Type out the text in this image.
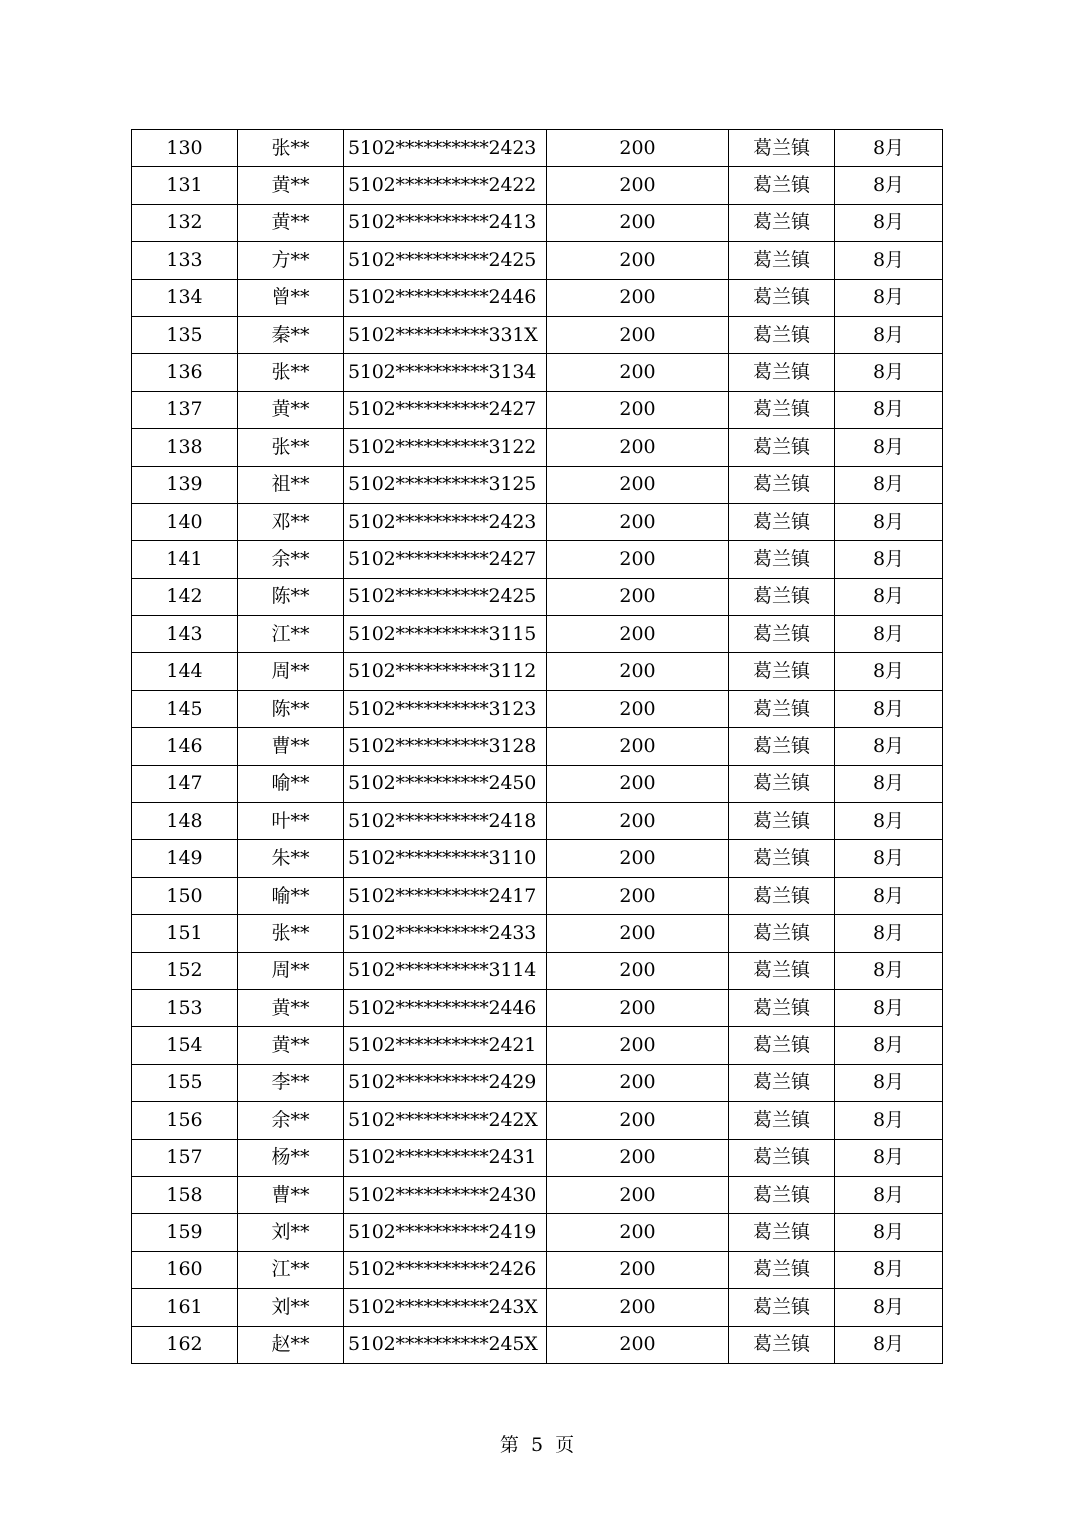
130	张**	5102**********2423	200	葛兰镇	8月
131	黄**	5102**********2422	200	葛兰镇	8月
132	黄**	5102**********2413	200	葛兰镇	8月
133	方**	5102**********2425	200	葛兰镇	8月
134	曾**	5102**********2446	200	葛兰镇	8月
135	秦**	5102**********331X	200	葛兰镇	8月
136	张**	5102**********3134	200	葛兰镇	8月
137	黄**	5102**********2427	200	葛兰镇	8月
138	张**	5102**********3122	200	葛兰镇	8月
139	祖**	5102**********3125	200	葛兰镇	8月
140	邓**	5102**********2423	200	葛兰镇	8月
141	余**	5102**********2427	200	葛兰镇	8月
142	陈**	5102**********2425	200	葛兰镇	8月
143	江**	5102**********3115	200	葛兰镇	8月
144	周**	5102**********3112	200	葛兰镇	8月
145	陈**	5102**********3123	200	葛兰镇	8月
146	曹**	5102**********3128	200	葛兰镇	8月
147	喻**	5102**********2450	200	葛兰镇	8月
148	叶**	5102**********2418	200	葛兰镇	8月
149	朱**	5102**********3110	200	葛兰镇	8月
150	喻**	5102**********2417	200	葛兰镇	8月
151	张**	5102**********2433	200	葛兰镇	8月
152	周**	5102**********3114	200	葛兰镇	8月
153	黄**	5102**********2446	200	葛兰镇	8月
154	黄**	5102**********2421	200	葛兰镇	8月
155	李**	5102**********2429	200	葛兰镇	8月
156	余**	5102**********242X	200	葛兰镇	8月
157	杨**	5102**********2431	200	葛兰镇	8月
158	曹**	5102**********2430	200	葛兰镇	8月
159	刘**	5102**********2419	200	葛兰镇	8月
160	江**	5102**********2426	200	葛兰镇	8月
161	刘**	5102**********243X	200	葛兰镇	8月
162	赵**	5102**********245X	200	葛兰镇	8月
第 5 页
